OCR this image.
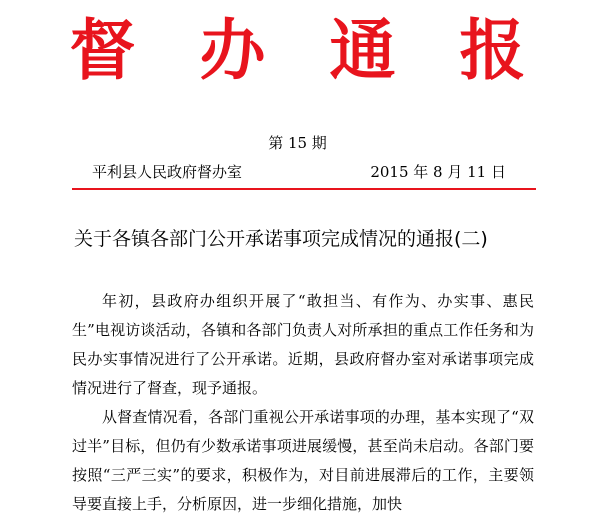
督 办 通 报
第 15 期
平利县人民政府督办室	2015 年 8 月 11 日
关于各镇各部门公开承诺事项完成情况的通报(二)

年初，县政府办组织开展了“敢担当、有作为、办实事、惠民生”电视访谈活动，各镇和各部门负责人对所承担的重点工作任务和为民办实事情况进行了公开承诺。近期，县政府督办室对承诺事项完成情况进行了督查，现予通报。

从督查情况看，各部门重视公开承诺事项的办理，基本实现了“双过半”目标，但仍有少数承诺事项进展缓慢，甚至尚未启动。各部门要按照“三严三实”的要求，积极作为，对目前进展滞后的工作，主要领导要直接上手，分析原因，进一步细化措施，加快
